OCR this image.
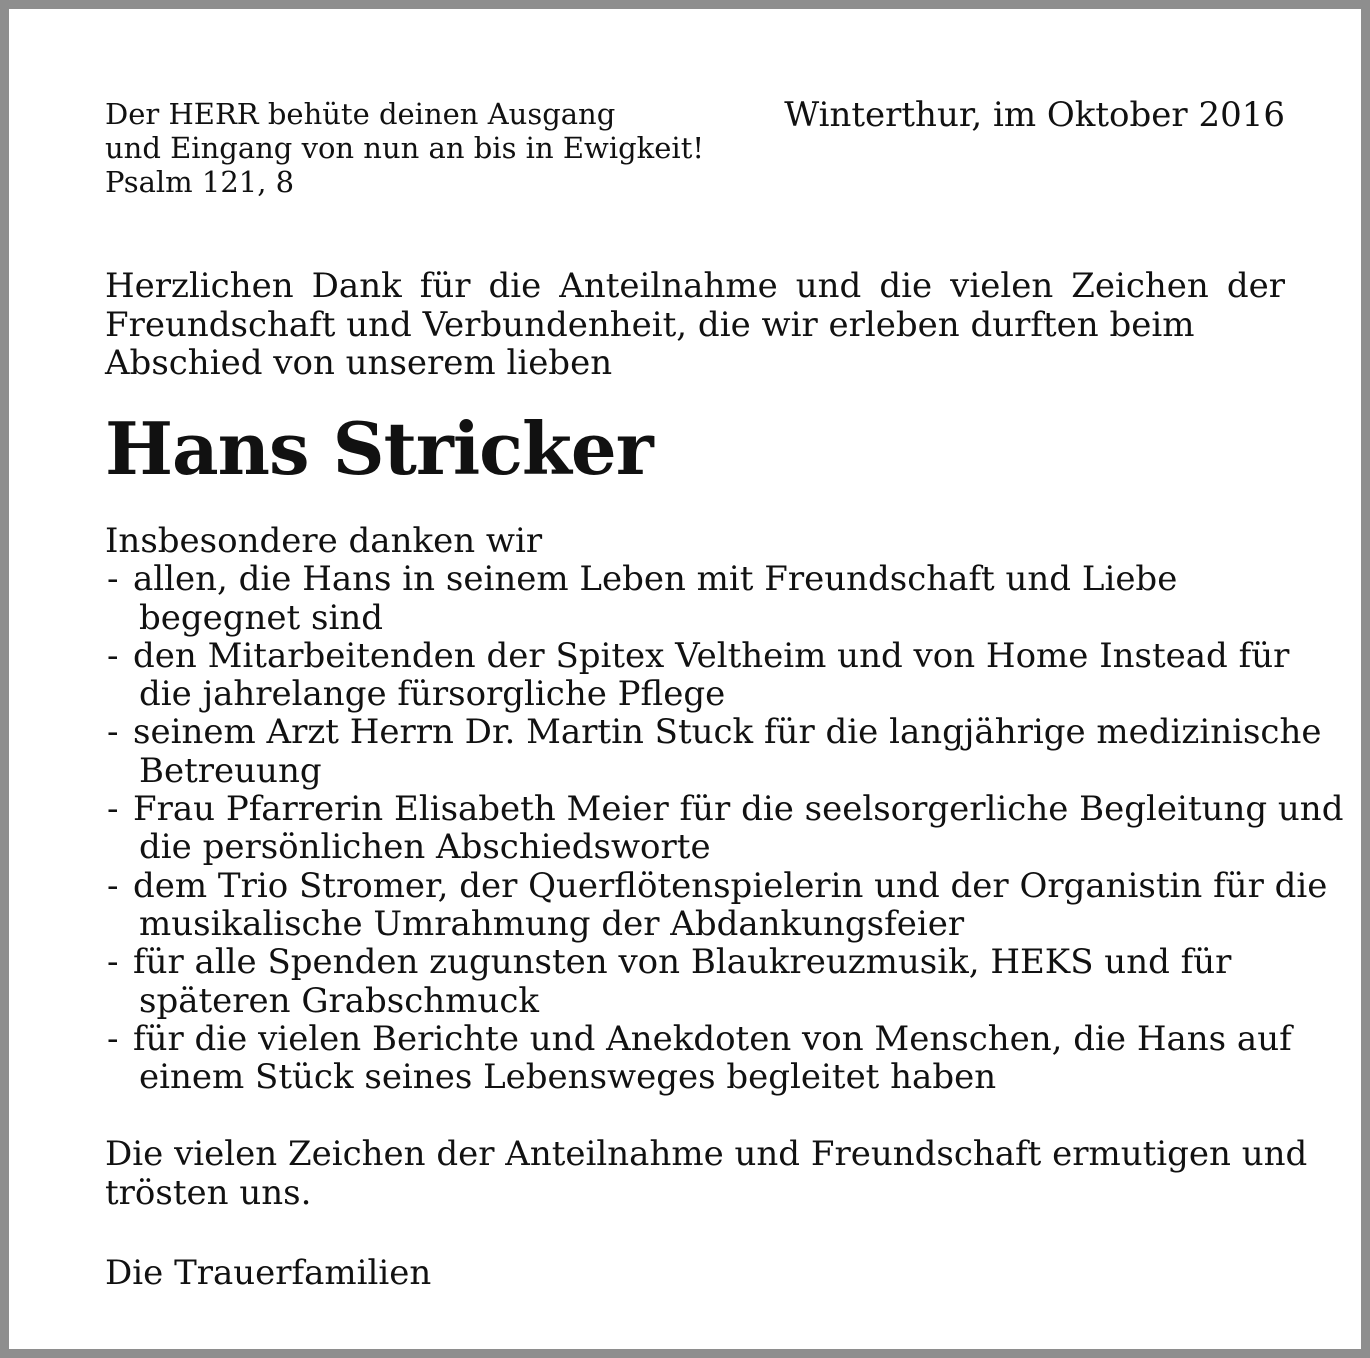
Der HERR behüte deinen Ausgang
und Eingang von nun an bis in Ewigkeit!
Psalm 121, 8
Winterthur, im Oktober 2016
Herzlichen Dank für die Anteilnahme und die vielen Zeichen der
Freundschaft und Verbundenheit, die wir erleben durften beim
Abschied von unserem lieben
Hans Stricker
Insbesondere danken wir
- allen, die Hans in seinem Leben mit Freundschaft und Liebe
begegnet sind
- den Mitarbeitenden der Spitex Veltheim und von Home Instead für
die jahrelange fürsorgliche Pflege
- seinem Arzt Herrn Dr. Martin Stuck für die langjährige medizinische
Betreuung
- Frau Pfarrerin Elisabeth Meier für die seelsorgerliche Begleitung und
die persönlichen Abschiedsworte
- dem Trio Stromer, der Querflötenspielerin und der Organistin für die
musikalische Umrahmung der Abdankungsfeier
- für alle Spenden zugunsten von Blaukreuzmusik, HEKS und für
späteren Grabschmuck
- für die vielen Berichte und Anekdoten von Menschen, die Hans auf
einem Stück seines Lebensweges begleitet haben
Die vielen Zeichen der Anteilnahme und Freundschaft ermutigen und
trösten uns.
Die Trauerfamilien
